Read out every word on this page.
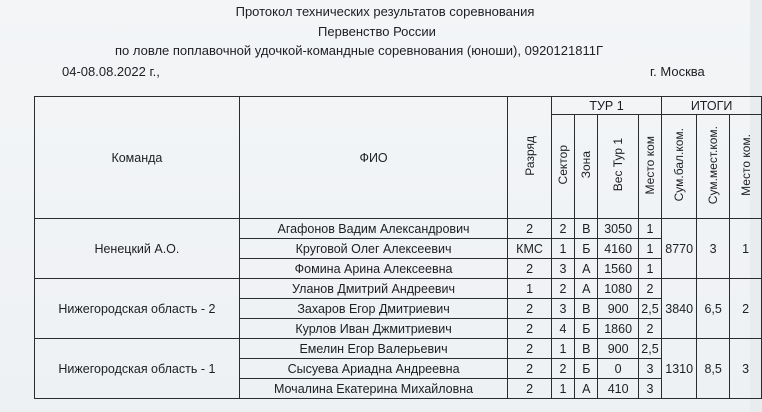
Протокол технических результатов соревнования
Первенство России
по ловле поплавочной удочкой-командные соревнования (юноши), 0920121811Г
04-08.08.2022 г.,	г. Москва
Команда	ФИО	Разряд	ТУР 1				ИТОГИ		
			Сектор	Зона	Вес Тур 1	Место ком	Сум.бал.ком.	Сум.мест.ком.	Место ком.
Ненецкий А.О.	Агафонов Вадим Александрович	2	2	В	3050	1	8770	3	1
	Круговой Олег Алексеевич	КМС	1	Б	4160	1			
	Фомина Арина Алексеевна	2	3	А	1560	1			
Нижегородская область - 2	Уланов Дмитрий Андреевич	1	2	А	1080	2	3840	6,5	2
	Захаров Егор Дмитриевич	2	3	В	900	2,5			
	Курлов Иван Джмитриевич	2	4	Б	1860	2			
Нижегородская область - 1	Емелин Егор Валерьевич	2	1	В	900	2,5	1310	8,5	3
	Сысуева Ариадна Андреевна	2	2	Б	0	3			
	Мочалина Екатерина Михайловна	2	1	А	410	3			
